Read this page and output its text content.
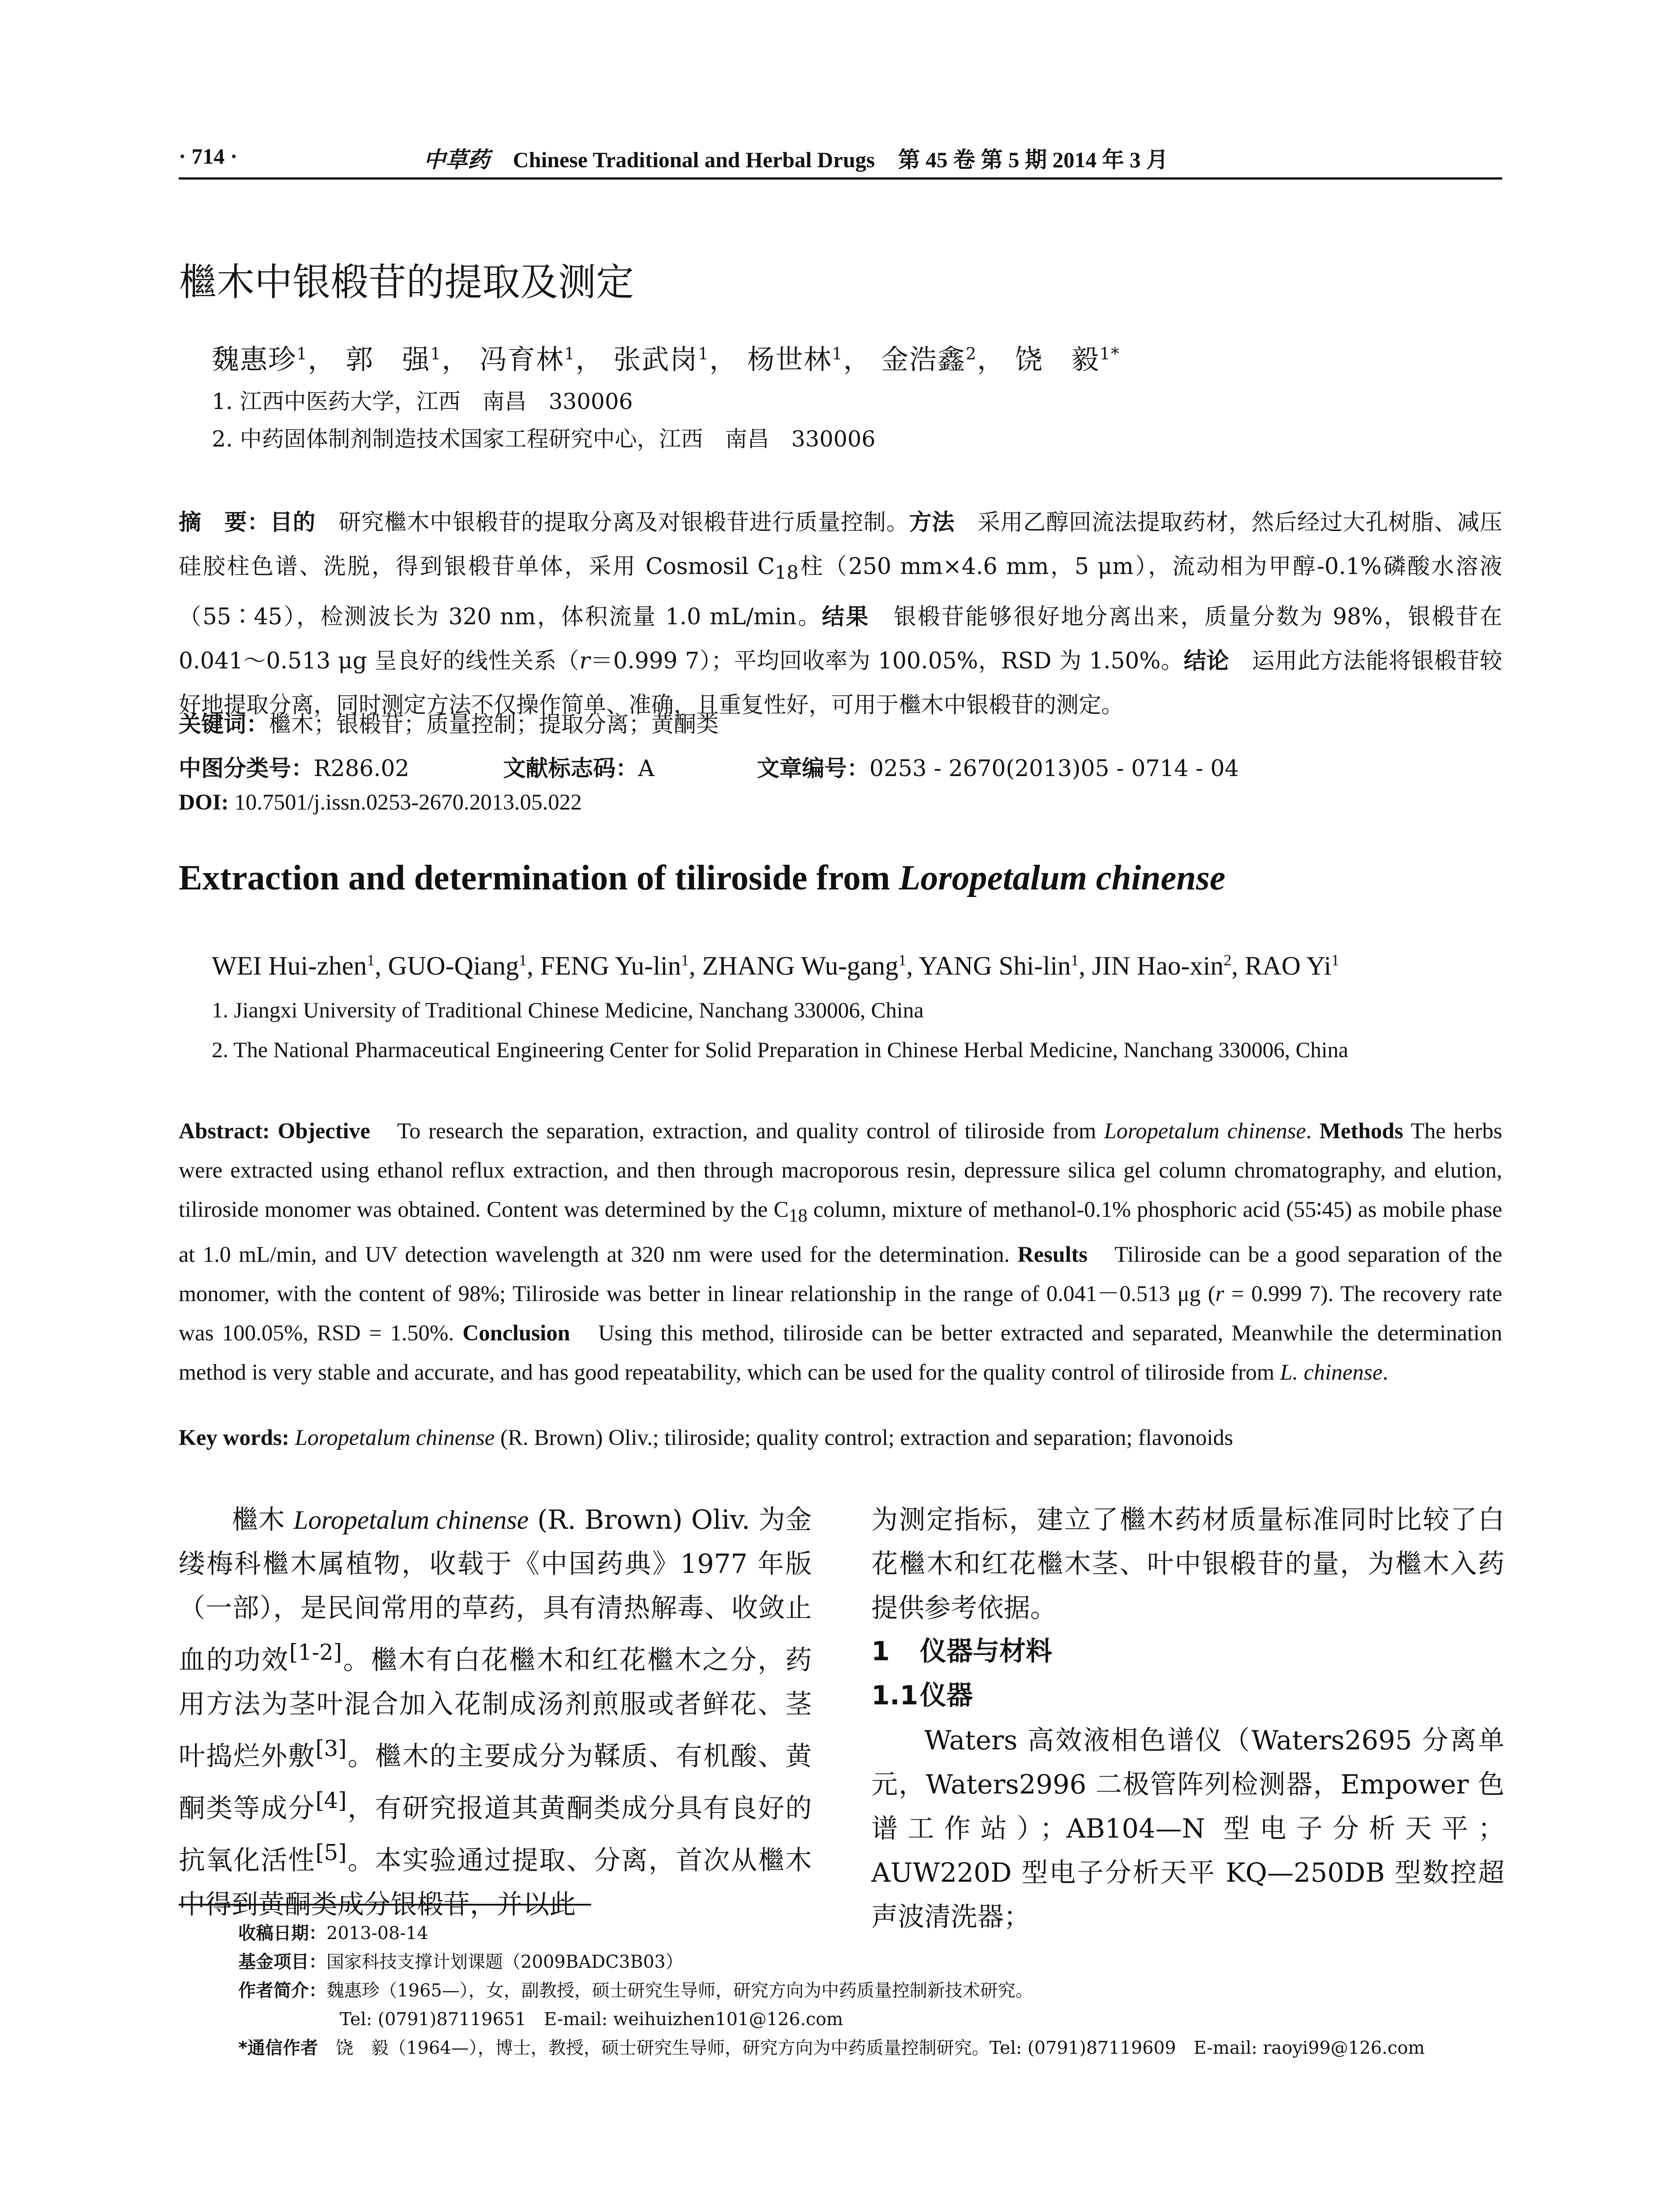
· 714 ·	中草药 Chinese Traditional and Herbal Drugs 第 45 卷 第 5 期 2014 年 3 月
檵木中银椴苷的提取及测定
魏惠珍$^1$， 郭　强$^1$， 冯育林$^1$， 张武岗$^1$， 杨世林$^1$， 金浩鑫$^2$， 饶　毅$^{1*}$
1. 江西中医药大学，江西　南昌　330006
2. 中药固体制剂制造技术国家工程研究中心，江西　南昌　330006
摘　要：目的　 研究檵木中银椴苷的提取分离及对银椴苷进行质量控制。方法　 采用乙醇回流法提取药材，然后经过大孔树脂、减压硅胶柱色谱、洗脱，得到银椴苷单体，采用 Cosmosil $C_{18}$柱（250 mm×4.6 mm，5 μm），流动相为甲醇-0.1%磷酸水溶液（55∶45），检测波长为 320 nm，体积流量 1.0 mL/min。结果　 银椴苷能够很好地分离出来，质量分数为 98%，银椴苷在 0.041～0.513 μg 呈良好的线性关系（r＝0.999 7）；平均回收率为 100.05%，RSD 为 1.50%。结论　 运用此方法能将银椴苷较好地提取分离，同时测定方法不仅操作简单、准确，且重复性好，可用于檵木中银椴苷的测定。
关键词：檵木；银椴苷；质量控制；提取分离；黄酮类
中图分类号：R286.02	文献标志码：A	文章编号：0253 - 2670(2013)05 - 0714 - 04
DOI: 10.7501/j.issn.0253-2670.2013.05.022
Extraction and determination of tiliroside from Loropetalum chinense
WEI Hui-zhen$^1$, GUO-Qiang$^1$, FENG Yu-lin$^1$, ZHANG Wu-gang$^1$, YANG Shi-lin$^1$, JIN Hao-xin$^2$, RAO Yi$^1$
1. Jiangxi University of Traditional Chinese Medicine, Nanchang 330006, China
2. The National Pharmaceutical Engineering Center for Solid Preparation in Chinese Herbal Medicine, Nanchang 330006, China
Abstract: Objective　 To research the separation, extraction, and quality control of tiliroside from Loropetalum chinense. Methods The herbs were extracted using ethanol reflux extraction, and then through macroporous resin, depressure silica gel column chromatography, and elution, tiliroside monomer was obtained. Content was determined by the $C_{18}$ column, mixture of methanol-0.1% phosphoric acid (55∶45) as mobile phase at 1.0 mL/min, and UV detection wavelength at 320 nm were used for the determination. Results　 Tiliroside can be a good separation of the monomer, with the content of 98%; Tiliroside was better in linear relationship in the range of 0.041－0.513 μg (r = 0.999 7). The recovery rate was 100.05%, RSD = 1.50%. Conclusion　 Using this method, tiliroside can be better extracted and separated, Meanwhile the determination method is very stable and accurate, and has good repeatability, which can be used for the quality control of tiliroside from L. chinense.
Key words: Loropetalum chinense (R. Brown) Oliv.; tiliroside; quality control; extraction and separation; flavonoids
檵木 Loropetalum chinense (R. Brown) Oliv. 为金缕梅科檵木属植物，收载于《中国药典》1977 年版（一部），是民间常用的草药，具有清热解毒、收敛止血的功效[1-2]。檵木有白花檵木和红花檵木之分，药用方法为茎叶混合加入花制成汤剂煎服或者鲜花、茎叶捣烂外敷[3]。檵木的主要成分为鞣质、有机酸、黄酮类等成分[4]，有研究报道其黄酮类成分具有良好的抗氧化活性[5]。本实验通过提取、分离，首次从檵木中得到黄酮类成分银椴苷，并以此
为测定指标，建立了檵木药材质量标准同时比较了白花檵木和红花檵木茎、叶中银椴苷的量，为檵木入药提供参考依据。
1 仪器与材料
1.1仪器
Waters 高效液相色谱仪（Waters2695 分离单元，Waters2996 二极管阵列检测器，Empower 色谱工作站）；AB104—N 型电子分析天平；AUW220D 型电子分析天平 KQ—250DB 型数控超声波清洗器；
收稿日期：2013-08-14
基金项目：国家科技支撑计划课题（2009BADC3B03）
作者简介：魏惠珍（1965—），女，副教授，硕士研究生导师，研究方向为中药质量控制新技术研究。
Tel: (0791)87119651　E-mail: weihuizhen101@126.com
*通信作者　 饶　毅（1964—），博士，教授，硕士研究生导师，研究方向为中药质量控制研究。Tel: (0791)87119609　E-mail: raoyi99@126.com
